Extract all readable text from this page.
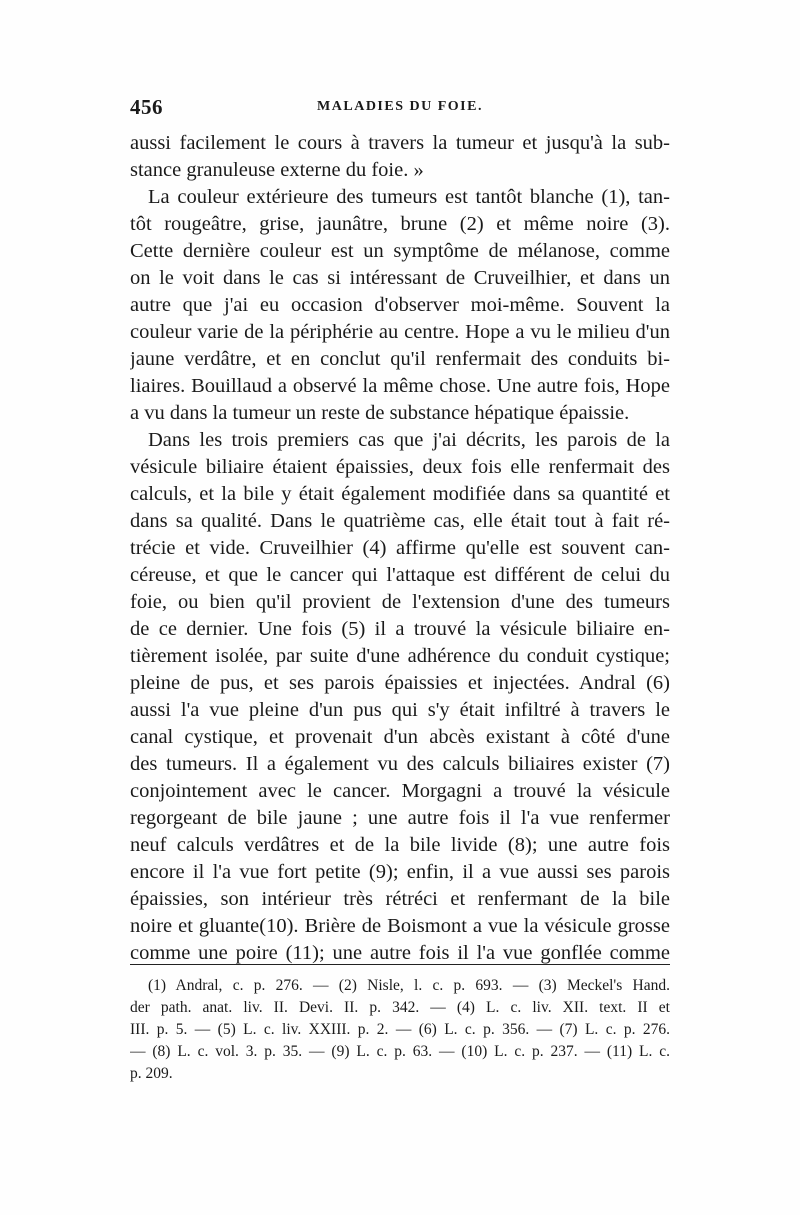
456	MALADIES DU FOIE.
aussi facilement le cours à travers la tumeur et jusqu'à la sub-
stance granuleuse externe du foie. »
La couleur extérieure des tumeurs est tantôt blanche (1), tan-
tôt rougeâtre, grise, jaunâtre, brune (2) et même noire (3).
Cette dernière couleur est un symptôme de mélanose, comme
on le voit dans le cas si intéressant de Cruveilhier, et dans un
autre que j'ai eu occasion d'observer moi-même. Souvent la
couleur varie de la périphérie au centre. Hope a vu le milieu d'un
jaune verdâtre, et en conclut qu'il renfermait des conduits bi-
liaires. Bouillaud a observé la même chose. Une autre fois, Hope
a vu dans la tumeur un reste de substance hépatique épaissie.
Dans les trois premiers cas que j'ai décrits, les parois de la
vésicule biliaire étaient épaissies, deux fois elle renfermait des
calculs, et la bile y était également modifiée dans sa quantité et
dans sa qualité. Dans le quatrième cas, elle était tout à fait ré-
trécie et vide. Cruveilhier (4) affirme qu'elle est souvent can-
céreuse, et que le cancer qui l'attaque est différent de celui du
foie, ou bien qu'il provient de l'extension d'une des tumeurs
de ce dernier. Une fois (5) il a trouvé la vésicule biliaire en-
tièrement isolée, par suite d'une adhérence du conduit cystique;
pleine de pus, et ses parois épaissies et injectées. Andral (6)
aussi l'a vue pleine d'un pus qui s'y était infiltré à travers le
canal cystique, et provenait d'un abcès existant à côté d'une
des tumeurs. Il a également vu des calculs biliaires exister (7)
conjointement avec le cancer. Morgagni a trouvé la vésicule
regorgeant de bile jaune ; une autre fois il l'a vue renfermer
neuf calculs verdâtres et de la bile livide (8); une autre fois
encore il l'a vue fort petite (9); enfin, il a vue aussi ses parois
épaissies, son intérieur très rétréci et renfermant de la bile
noire et gluante(10). Brière de Boismont a vue la vésicule grosse
comme une poire (11); une autre fois il l'a vue gonflée comme
(1) Andral, c. p. 276. — (2) Nisle, l. c. p. 693. — (3) Meckel's Hand.
der path. anat. liv. II. Devi. II. p. 342. — (4) L. c. liv. XII. text. II et
III. p. 5. — (5) L. c. liv. XXIII. p. 2. — (6) L. c. p. 356. — (7) L. c. p. 276.
— (8) L. c. vol. 3. p. 35. — (9) L. c. p. 63. — (10) L. c. p. 237. — (11) L. c.
p. 209.
